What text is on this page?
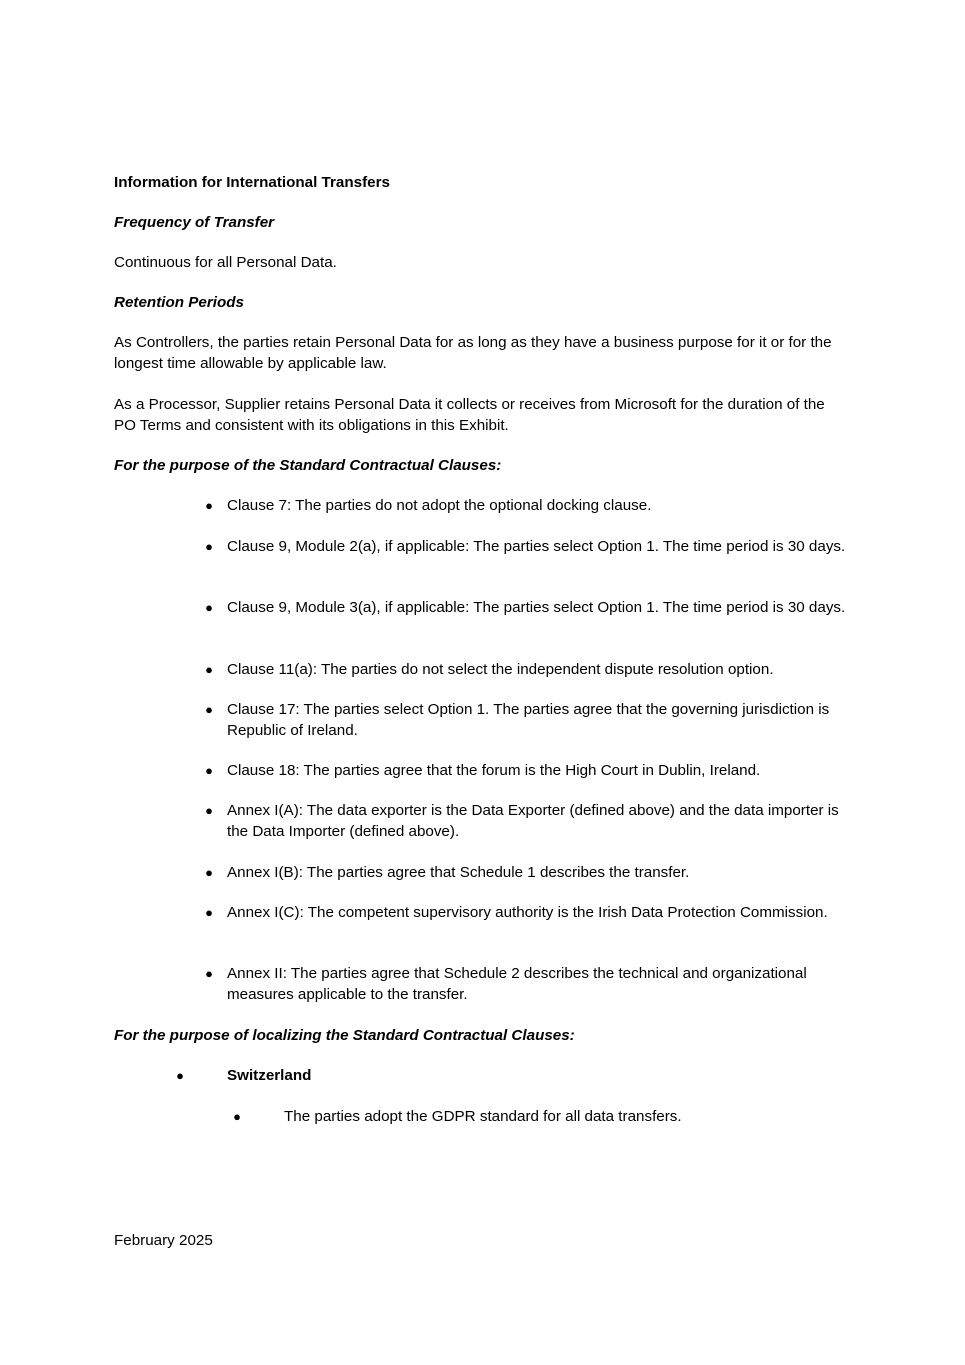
Information for International Transfers

Frequency of Transfer

Continuous for all Personal Data.

Retention Periods

As Controllers, the parties retain Personal Data for as long as they have a business purpose for it or for the longest time allowable by applicable law.

As a Processor, Supplier retains Personal Data it collects or receives from Microsoft for the duration of the PO Terms and consistent with its obligations in this Exhibit.

For the purpose of the Standard Contractual Clauses:

● Clause 7: The parties do not adopt the optional docking clause.
● Clause 9, Module 2(a), if applicable: The parties select Option 1. The time period is 30 days.
● Clause 9, Module 3(a), if applicable: The parties select Option 1. The time period is 30 days.
● Clause 11(a): The parties do not select the independent dispute resolution option.
● Clause 17: The parties select Option 1. The parties agree that the governing jurisdiction is Republic of Ireland.
● Clause 18: The parties agree that the forum is the High Court in Dublin, Ireland.
● Annex I(A): The data exporter is the Data Exporter (defined above) and the data importer is the Data Importer (defined above).
● Annex I(B): The parties agree that Schedule 1 describes the transfer.
● Annex I(C): The competent supervisory authority is the Irish Data Protection Commission.
● Annex II: The parties agree that Schedule 2 describes the technical and organizational measures applicable to the transfer.

For the purpose of localizing the Standard Contractual Clauses:

●	Switzerland
●	The parties adopt the GDPR standard for all data transfers.
February 2025
